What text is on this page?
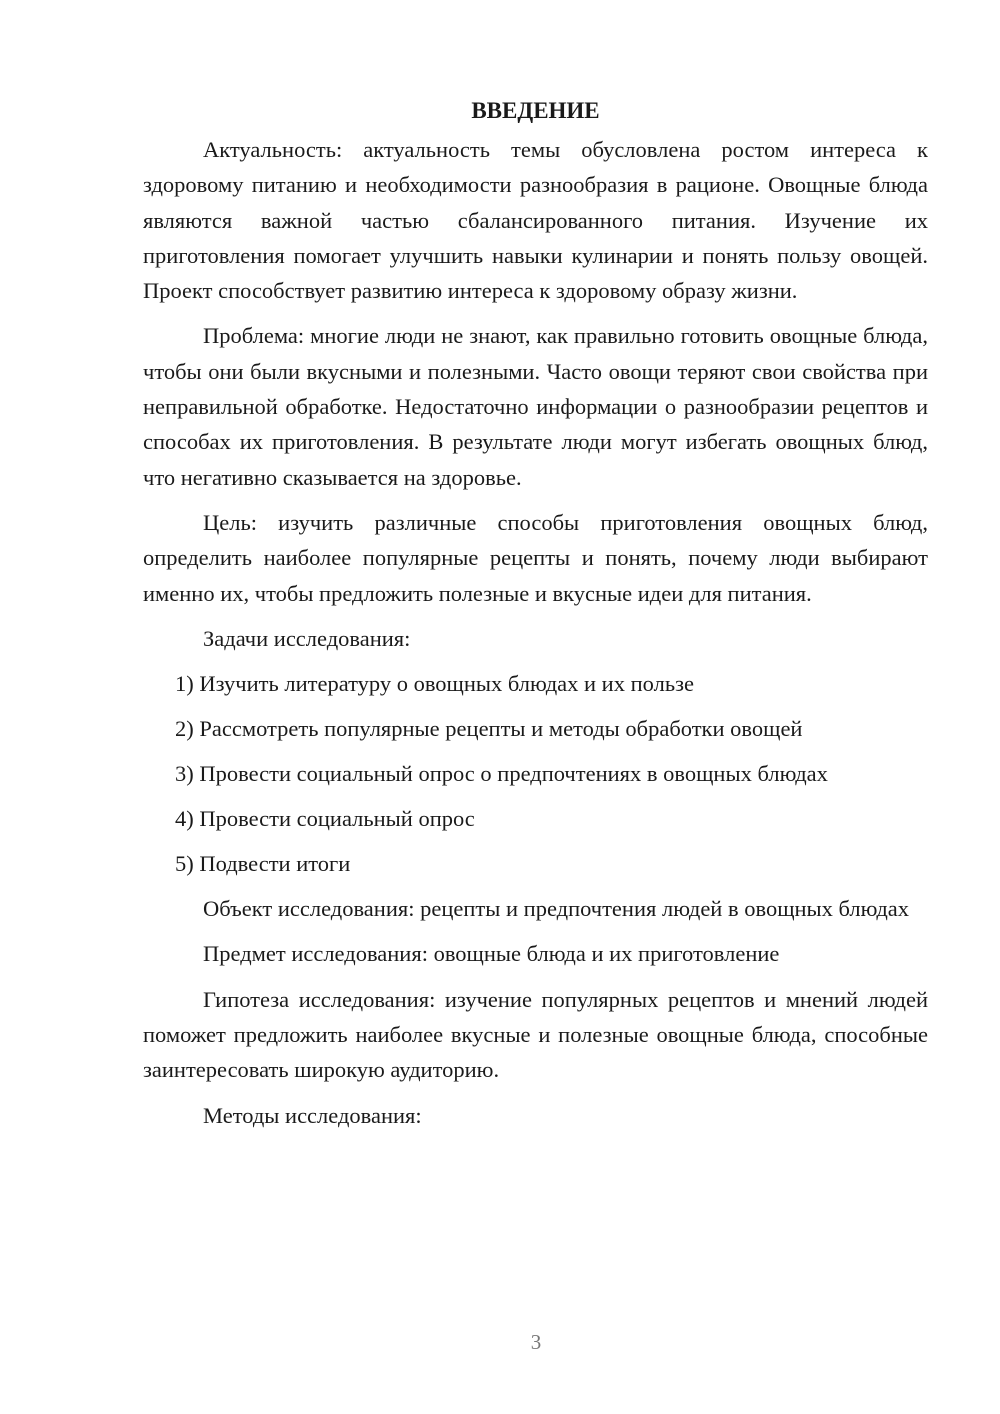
ВВЕДЕНИЕ

Актуальность: актуальность темы обусловлена ростом интереса к здоровому питанию и необходимости разнообразия в рационе. Овощные блюда являются важной частью сбалансированного питания. Изучение их приготовления помогает улучшить навыки кулинарии и понять пользу овощей. Проект способствует развитию интереса к здоровому образу жизни.

Проблема: многие люди не знают, как правильно готовить овощные блюда, чтобы они были вкусными и полезными. Часто овощи теряют свои свойства при неправильной обработке. Недостаточно информации о разнообразии рецептов и способах их приготовления. В результате люди могут избегать овощных блюд, что негативно сказывается на здоровье.

Цель: изучить различные способы приготовления овощных блюд, определить наиболее популярные рецепты и понять, почему люди выбирают именно их, чтобы предложить полезные и вкусные идеи для питания.

Задачи исследования:

1) Изучить литературу о овощных блюдах и их пользе

2) Рассмотреть популярные рецепты и методы обработки овощей

3) Провести социальный опрос о предпочтениях в овощных блюдах

4) Провести социальный опрос

5) Подвести итоги

Объект исследования: рецепты и предпочтения людей в овощных блюдах

Предмет исследования: овощные блюда и их приготовление

Гипотеза исследования: изучение популярных рецептов и мнений людей поможет предложить наиболее вкусные и полезные овощные блюда, способные заинтересовать широкую аудиторию.

Методы исследования:

3
